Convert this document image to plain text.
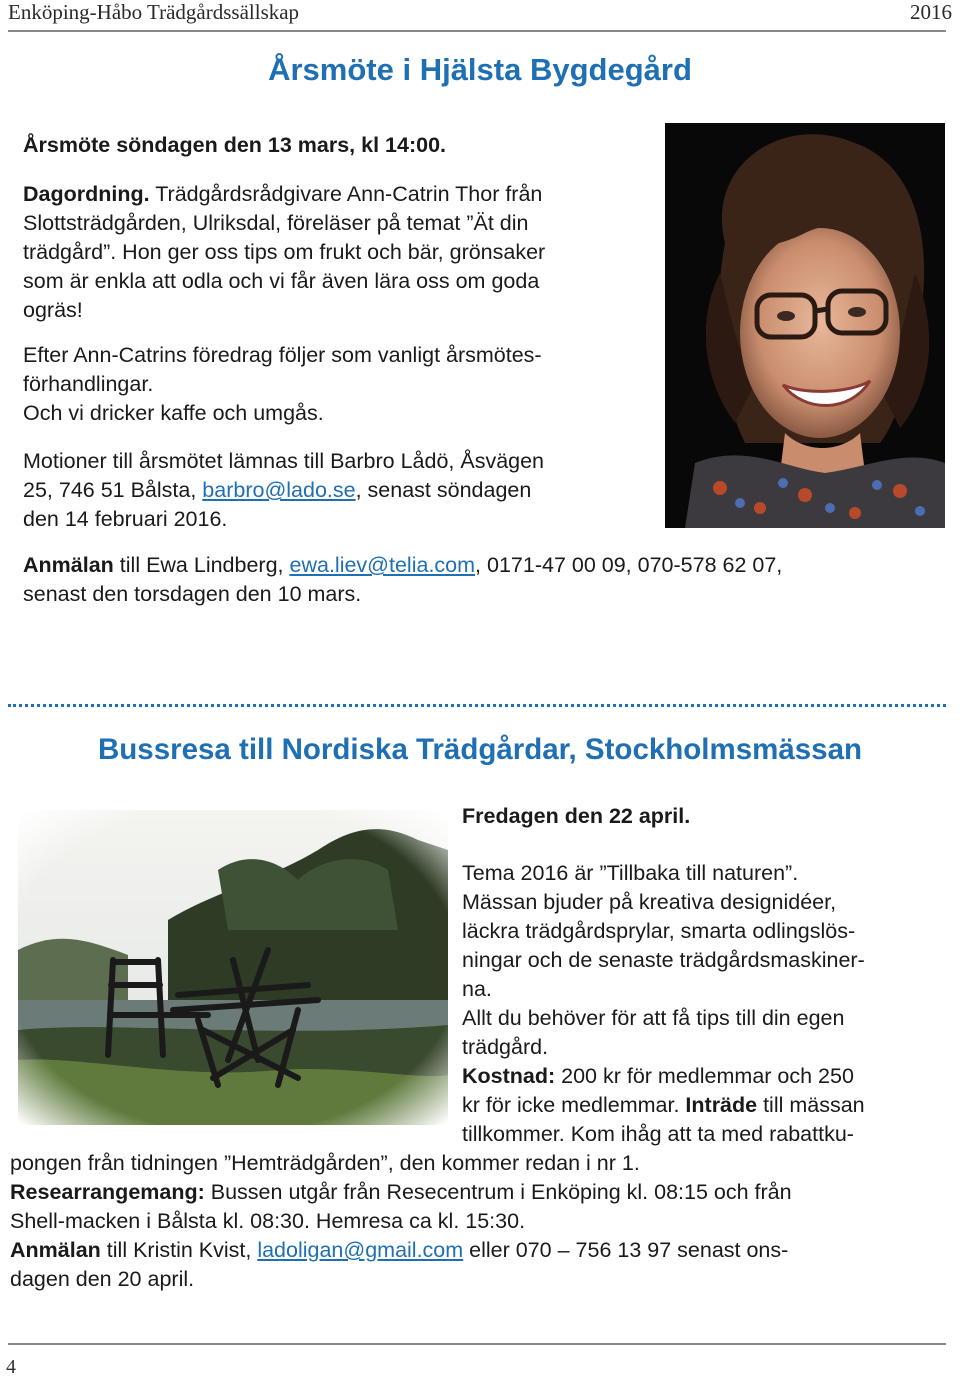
Enköping-Håbo Trädgårdssällskap	2016
Årsmöte i Hjälsta Bygdegård
Årsmöte söndagen den 13 mars, kl 14:00.
Dagordning. Trädgårdsrådgivare Ann-Catrin Thor från
Slottsträdgården, Ulriksdal, föreläser på temat ”Ät din
trädgård”. Hon ger oss tips om frukt och bär, grönsaker
som är enkla att odla och vi får även lära oss om goda
ogräs!
Efter Ann-Catrins föredrag följer som vanligt årsmötes-
förhandlingar.
Och vi dricker kaffe och umgås.
Motioner till årsmötet lämnas till Barbro Lådö, Åsvägen
25, 746 51 Bålsta, barbro@lado.se, senast söndagen
den 14 februari 2016.
Anmälan till Ewa Lindberg, ewa.liev@telia.com, 0171-47 00 09, 070-578 62 07,
senast den torsdagen den 10 mars.
Bussresa till Nordiska Trädgårdar, Stockholmsmässan
Fredagen den 22 april.
Tema 2016 är ”Tillbaka till naturen”.
Mässan bjuder på kreativa designidéer,
läckra trädgårdsprylar, smarta odlingslös-
ningar och de senaste trädgårdsmaskiner-
na.
Allt du behöver för att få tips till din egen
trädgård.
Kostnad: 200 kr för medlemmar och 250
kr för icke medlemmar. Inträde till mässan
tillkommer. Kom ihåg att ta med rabattku-
pongen från tidningen ”Hemträdgården”, den kommer redan i nr 1.
Researrangemang: Bussen utgår från Resecentrum i Enköping kl. 08:15 och från
Shell-macken i Bålsta kl. 08:30. Hemresa ca kl. 15:30.
Anmälan till Kristin Kvist, ladoligan@gmail.com eller 070 – 756 13 97 senast ons-
dagen den 20 april.
4
